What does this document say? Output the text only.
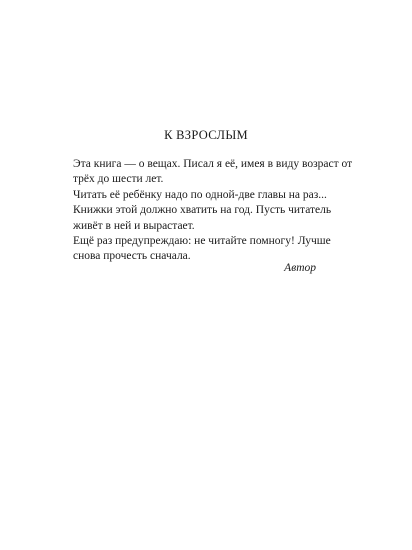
К ВЗРОСЛЫМ

Эта книга — о вещах. Писал я её, имея в виду возраст от
трёх до шести лет.

Читать её ребёнку надо по одной-две главы на раз...

Книжки этой должно хватить на год. Пусть читатель
живёт в ней и вырастает.

Ещё раз предупреждаю: не читайте помногу! Лучше
снова прочесть сначала.

Автор
